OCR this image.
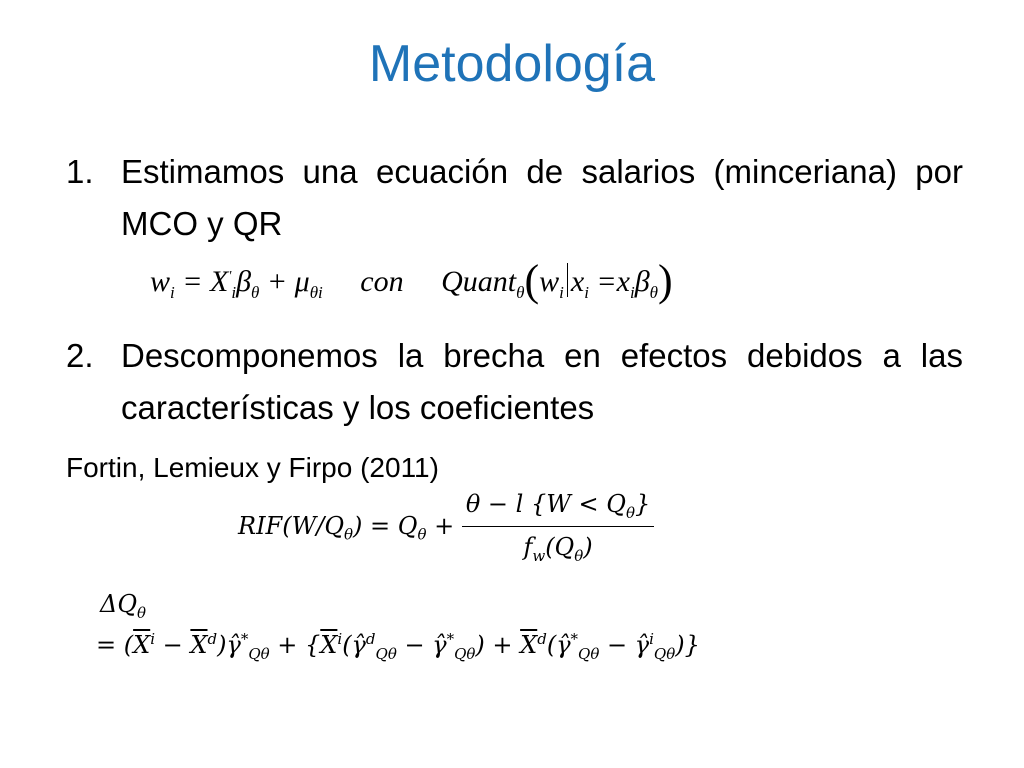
Metodología
1. Estimamos una ecuación de salarios (minceriana) por MCO y QR
$w_i = X'_i\beta_\theta + \mu_{\theta i}$     con     $Quant_\theta(w_i$ $x_i =x_i\beta_\theta$)
2. Descomponemos la brecha en efectos debidos a las características y los coeficientes
Fortin, Lemieux y Firpo (2011)
$RIF(W/Q_\theta) = Q_\theta + \frac{\theta - l \{W < Q_\theta\}}{f_w(Q_\theta)}$
$\Delta Q_\theta$
= ($\overline{X}^i$ − $\overline{X}^d)\gammâ^*_{Q\theta}$ + {$\overline{X}^i(\gammâ^d_{Q\theta}$ − $\gammâ^*_{Q\theta}$) + $\overline{X}^d(\gammâ^*_{Q\theta}$ − γ̂$^i_{Q\theta}$)}
